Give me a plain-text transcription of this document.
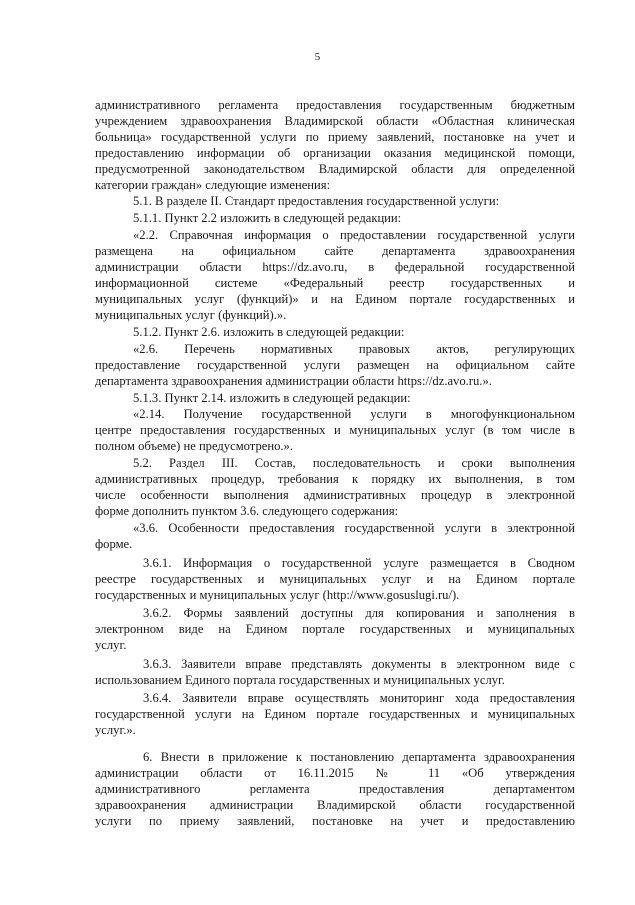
5
административного регламента предоставления государственным бюджетным
учреждением здравоохранения Владимирской области «Областная клиническая
больница» государственной услуги по приему заявлений, постановке на учет и
предоставлению информации об организации оказания медицинской помощи,
предусмотренной законодательством Владимирской области для определенной
категории граждан» следующие изменения:
5.1. В разделе II. Стандарт предоставления государственной услуги:
5.1.1. Пункт 2.2 изложить в следующей редакции:
«2.2. Справочная информация о предоставлении государственной услуги
размещена на официальном сайте департамента здравоохранения
администрации области https://dz.avo.ru, в федеральной государственной
информационной системе «Федеральный реестр государственных и
муниципальных услуг (функций)» и на Едином портале государственных и
муниципальных услуг (функций).».
5.1.2. Пункт 2.6. изложить в следующей редакции:
«2.6. Перечень нормативных правовых актов, регулирующих
предоставление государственной услуги размещен на официальном сайте
департамента здравоохранения администрации области https://dz.avo.ru.».
5.1.3. Пункт 2.14. изложить в следующей редакции:
«2.14. Получение государственной услуги в многофункциональном
центре предоставления государственных и муниципальных услуг (в том числе в
полном объеме) не предусмотрено.».
5.2. Раздел III. Состав, последовательность и сроки выполнения
административных процедур, требования к порядку их выполнения, в том
числе особенности выполнения административных процедур в электронной
форме дополнить пунктом 3.6. следующего содержания:
«3.6. Особенности предоставления государственной услуги в электронной
форме.
3.6.1. Информация о государственной услуге размещается в Сводном
реестре государственных и муниципальных услуг и на Едином портале
государственных и муниципальных услуг (http://www.gosuslugi.ru/).
3.6.2. Формы заявлений доступны для копирования и заполнения в
электронном виде на Едином портале государственных и муниципальных
услуг.
3.6.3. Заявители вправе представлять документы в электронном виде с
использованием Единого портала государственных и муниципальных услуг.
3.6.4. Заявители вправе осуществлять мониторинг хода предоставления
государственной услуги на Едином портале государственных и муниципальных
услуг.».
6. Внести в приложение к постановлению департамента здравоохранения
администрации области от 16.11.2015 № 11 «Об утверждения
административного регламента предоставления департаментом
здравоохранения администрации Владимирской области государственной
услуги по приему заявлений, постановке на учет и предоставлению
